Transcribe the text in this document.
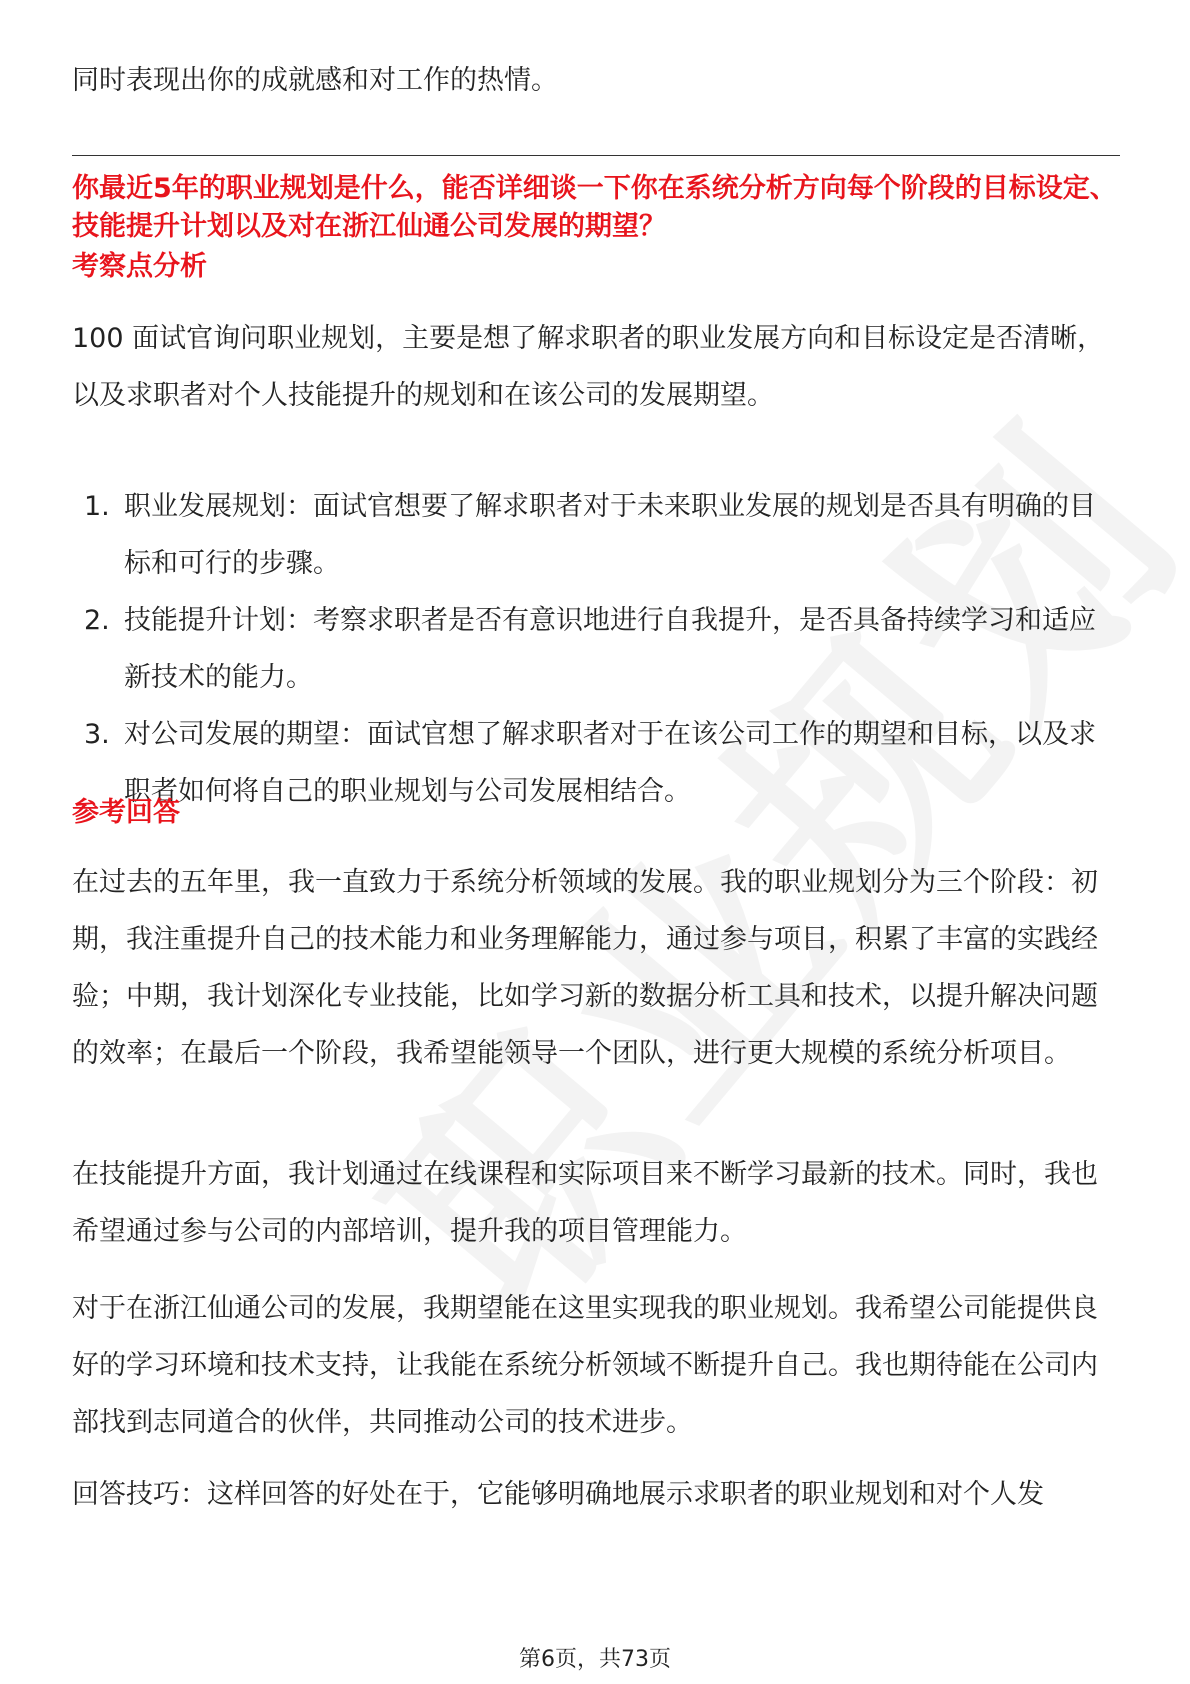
同时表现出你的成就感和对工作的热情。

你最近5年的职业规划是什么，能否详细谈一下你在系统分析方向每个阶段的目标设定、技能提升计划以及对在浙江仙通公司发展的期望？
考察点分析

100 面试官询问职业规划，主要是想了解求职者的职业发展方向和目标设定是否清晰，以及求职者对个人技能提升的规划和在该公司的发展期望。

1. 职业发展规划：面试官想要了解求职者对于未来职业发展的规划是否具有明确的目标和可行的步骤。
2. 技能提升计划：考察求职者是否有意识地进行自我提升，是否具备持续学习和适应新技术的能力。
3. 对公司发展的期望：面试官想了解求职者对于在该公司工作的期望和目标，以及求职者如何将自己的职业规划与公司发展相结合。
参考回答

在过去的五年里，我一直致力于系统分析领域的发展。我的职业规划分为三个阶段：初期，我注重提升自己的技术能力和业务理解能力，通过参与项目，积累了丰富的实践经验；中期，我计划深化专业技能，比如学习新的数据分析工具和技术，以提升解决问题的效率；在最后一个阶段，我希望能领导一个团队，进行更大规模的系统分析项目。

在技能提升方面，我计划通过在线课程和实际项目来不断学习最新的技术。同时，我也希望通过参与公司的内部培训，提升我的项目管理能力。

对于在浙江仙通公司的发展，我期望能在这里实现我的职业规划。我希望公司能提供良好的学习环境和技术支持，让我能在系统分析领域不断提升自己。我也期待能在公司内部找到志同道合的伙伴，共同推动公司的技术进步。

回答技巧：这样回答的好处在于，它能够明确地展示求职者的职业规划和对个人发

第6页，共73页
